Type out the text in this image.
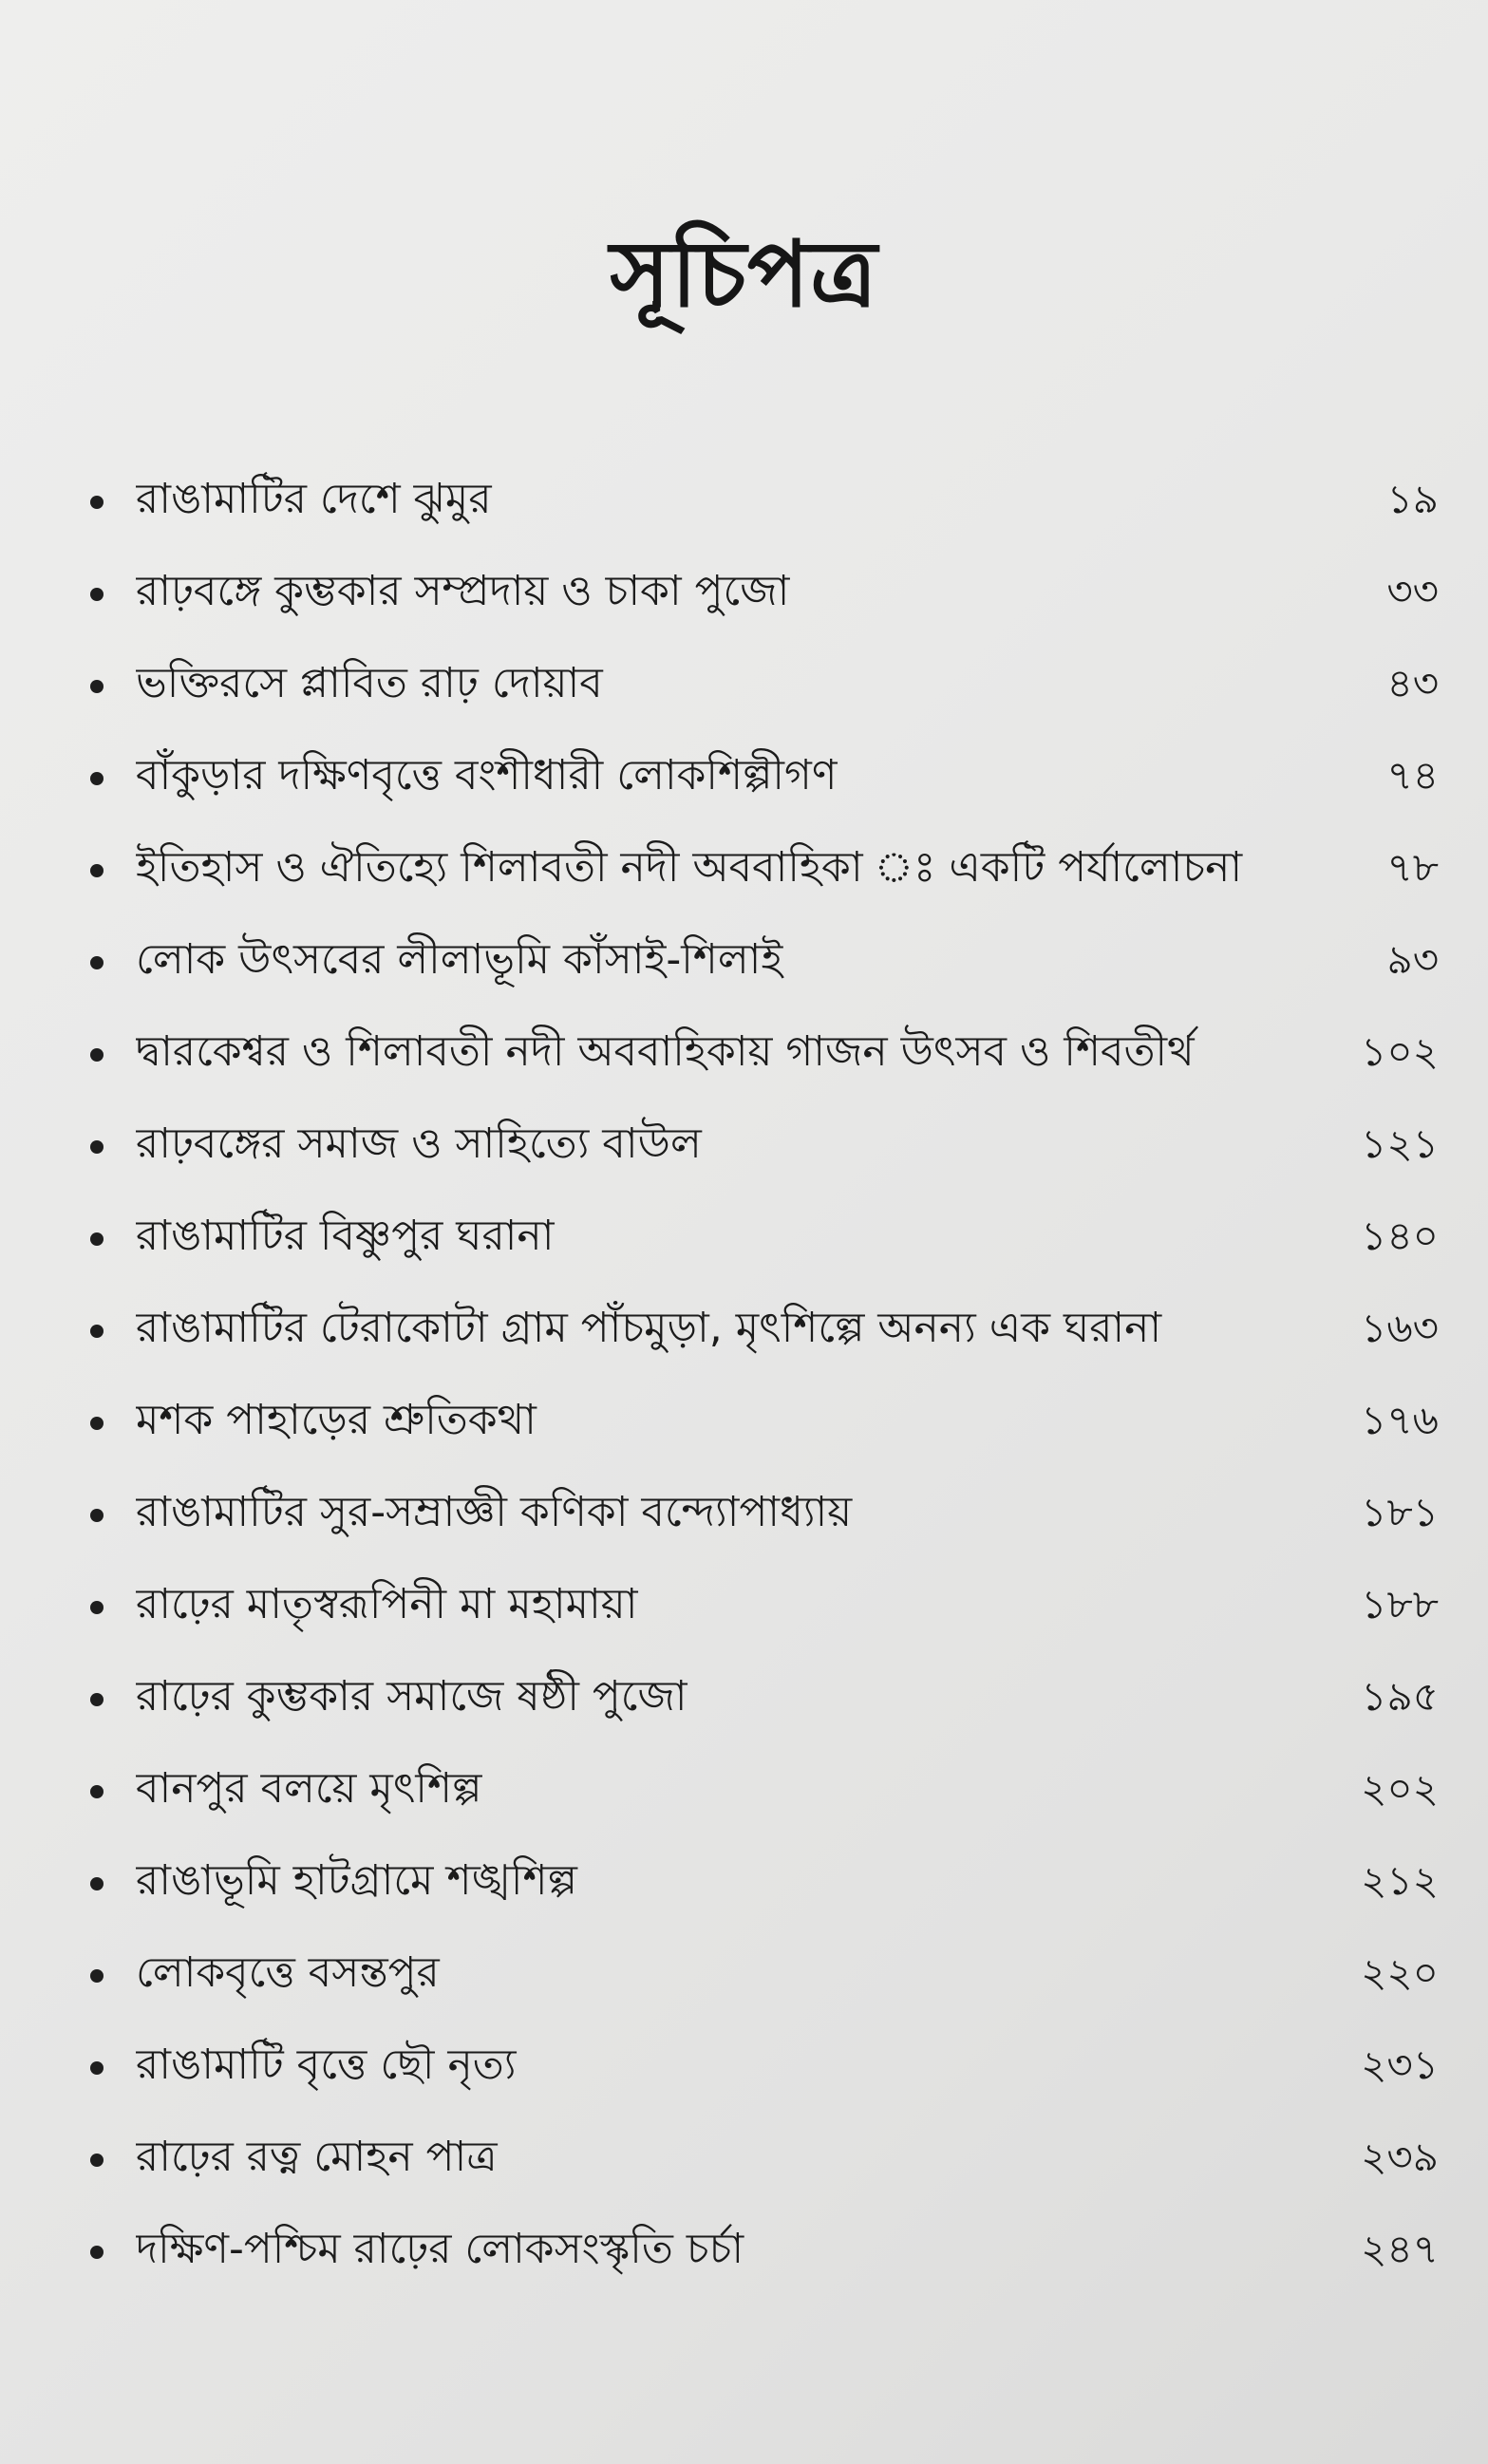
সূচিপত্র
রাঙামাটির দেশে ঝুমুর	১৯
রাঢ়বঙ্গে কুম্ভকার সম্প্রদায় ও চাকা পুজো	৩৩
ভক্তিরসে প্লাবিত রাঢ় দোয়াব	৪৩
বাঁকুড়ার দক্ষিণবৃত্তে বংশীধারী লোকশিল্পীগণ	৭৪
ইতিহাস ও ঐতিহ্যে শিলাবতী নদী অববাহিকা ঃ একটি পর্যালোচনা	৭৮
লোক উৎসবের লীলাভূমি কাঁসাই-শিলাই	৯৩
দ্বারকেশ্বর ও শিলাবতী নদী অববাহিকায় গাজন উৎসব ও শিবতীর্থ	১০২
রাঢ়বঙ্গের সমাজ ও সাহিত্যে বাউল	১২১
রাঙামাটির বিষ্ণুপুর ঘরানা	১৪০
রাঙামাটির টেরাকোটা গ্রাম পাঁচমুড়া, মৃৎশিল্পে অনন্য এক ঘরানা	১৬৩
মশক পাহাড়ের শ্রুতিকথা	১৭৬
রাঙামাটির সুর-সম্রাজ্ঞী কণিকা বন্দ্যোপাধ্যায়	১৮১
রাঢ়ের মাতৃস্বরূপিনী মা মহামায়া	১৮৮
রাঢ়ের কুম্ভকার সমাজে ষষ্ঠী পুজো	১৯৫
বানপুর বলয়ে মৃৎশিল্প	২০২
রাঙাভূমি হাটগ্রামে শঙ্খশিল্প	২১২
লোকবৃত্তে বসন্তপুর	২২০
রাঙামাটি বৃত্তে ছৌ নৃত্য	২৩১
রাঢ়ের রত্ন মোহন পাত্র	২৩৯
দক্ষিণ-পশ্চিম রাঢ়ের লোকসংস্কৃতি চর্চা	২৪৭
